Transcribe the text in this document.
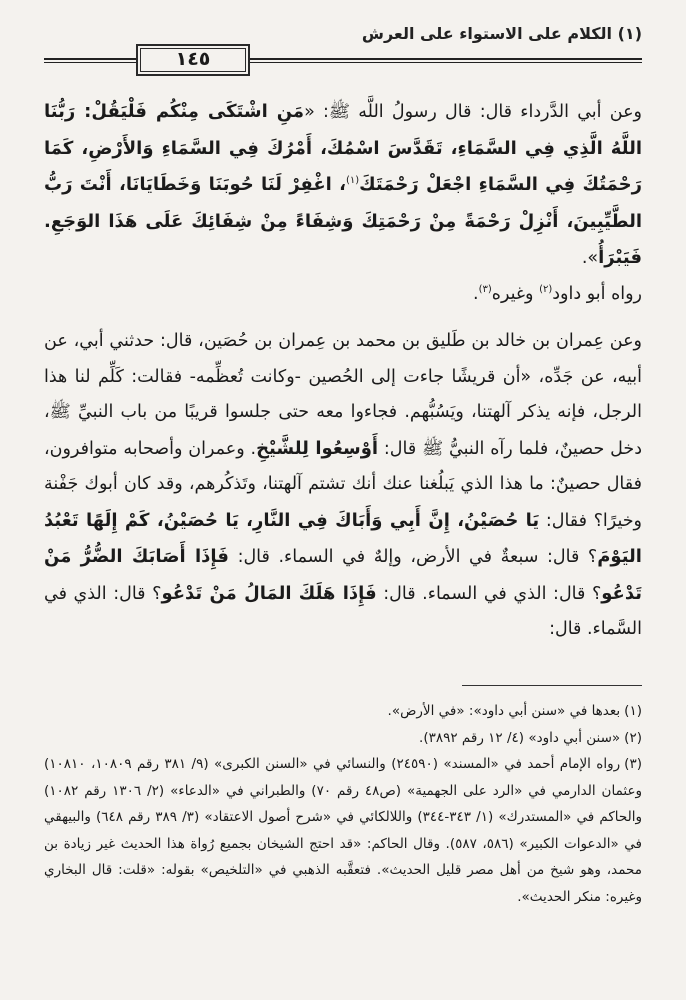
(١) الكلام على الاستواء على العرش
١٤٥

وعن أبي الدَّرداء قال: قال رسولُ اللَّه ﷺ: «مَنِ اشْتَكَى مِنْكُم فَلْيَقُلْ: رَبُّنَا اللَّهُ الَّذِي فِي السَّمَاءِ، تَقَدَّسَ اسْمُكَ، أَمْرُكَ فِي السَّمَاءِ وَالأَرْضِ، كَمَا رَحْمَتُكَ فِي السَّمَاءِ اجْعَلْ رَحْمَتَكَ$^{(١)}$، اغْفِرْ لَنَا حُوبَنَا وَخَطَايَانَا، أَنْتَ رَبُّ الطَّيِّبِينَ، أَنْزِلْ رَحْمَةً مِنْ رَحْمَتِكَ وَشِفَاءً مِنْ شِفَائِكَ عَلَى هَذَا الوَجَعِ. فَيَبْرَأُ».
رواه أبو داود$^{(٢)}$ وغيره$^{(٣)}$.

وعن عِمران بن خالد بن طَليق بن محمد بن عِمران بن حُصَين، قال: حدثني أبي، عن أبيه، عن جَدِّه، «أن قريشًا جاءت إلى الحُصين -وكانت تُعظِّمه- فقالت: كَلِّم لنا هذا الرجل، فإنه يذكر آلهتنا، ويَسُبُّهم. فجاءوا معه حتى جلسوا قريبًا من باب النبيِّ ﷺ، دخل حصينٌ، فلما رآه النبيُّ ﷺ قال: أَوْسِعُوا لِلشَّيْخِ. وعمران وأصحابه متوافرون، فقال حصينٌ: ما هذا الذي يَبلُغنا عنك أنك تشتم آلهتنا، وتَذكُرهم، وقد كان أبوك جَفْنة وخيرًا؟ فقال: يَا حُصَيْنُ، إِنَّ أَبِي وَأَبَاكَ فِي النَّارِ، يَا حُصَيْنُ، كَمْ إِلَهًا تَعْبُدُ اليَوْمَ؟ قال: سبعةٌ في الأرض، وإلهٌ في السماء. قال: فَإِذَا أَصَابَكَ الضُّرُّ مَنْ تَدْعُو؟ قال: الذي في السماء. قال: فَإِذَا هَلَكَ المَالُ مَنْ تَدْعُو؟ قال: الذي في السَّماء. قال:

(١)بعدها في «سنن أبي داود»: «في الأرض».

(٢)«سنن أبي داود» (٤/ ١٢ رقم ٣٨٩٢).

(٣)رواه الإمام أحمد في «المسند» (٢٤٥٩٠) والنسائي في «السنن الكبرى» (٩/ ٣٨١ رقم ١٠٨٠٩، ١٠٨١٠) وعثمان الدارمي في «الرد على الجهمية» (ص٤٨ رقم ٧٠) والطبراني في «الدعاء» (٢/ ١٣٠٦ رقم ١٠٨٢) والحاكم في «المستدرك» (١/ ٣٤٣-٣٤٤) واللالكائي في «شرح أصول الاعتقاد» (٣/ ٣٨٩ رقم ٦٤٨) والبيهقي في «الدعوات الكبير» (٥٨٦، ٥٨٧). وقال الحاكم: «قد احتج الشيخان بجميع رُواة هذا الحديث غير زيادة بن محمد، وهو شيخ من أهل مصر قليل الحديث». فتعقَّبه الذهبي في «التلخيص» بقوله: «قلت: قال البخاري وغيره: منكر الحديث».
